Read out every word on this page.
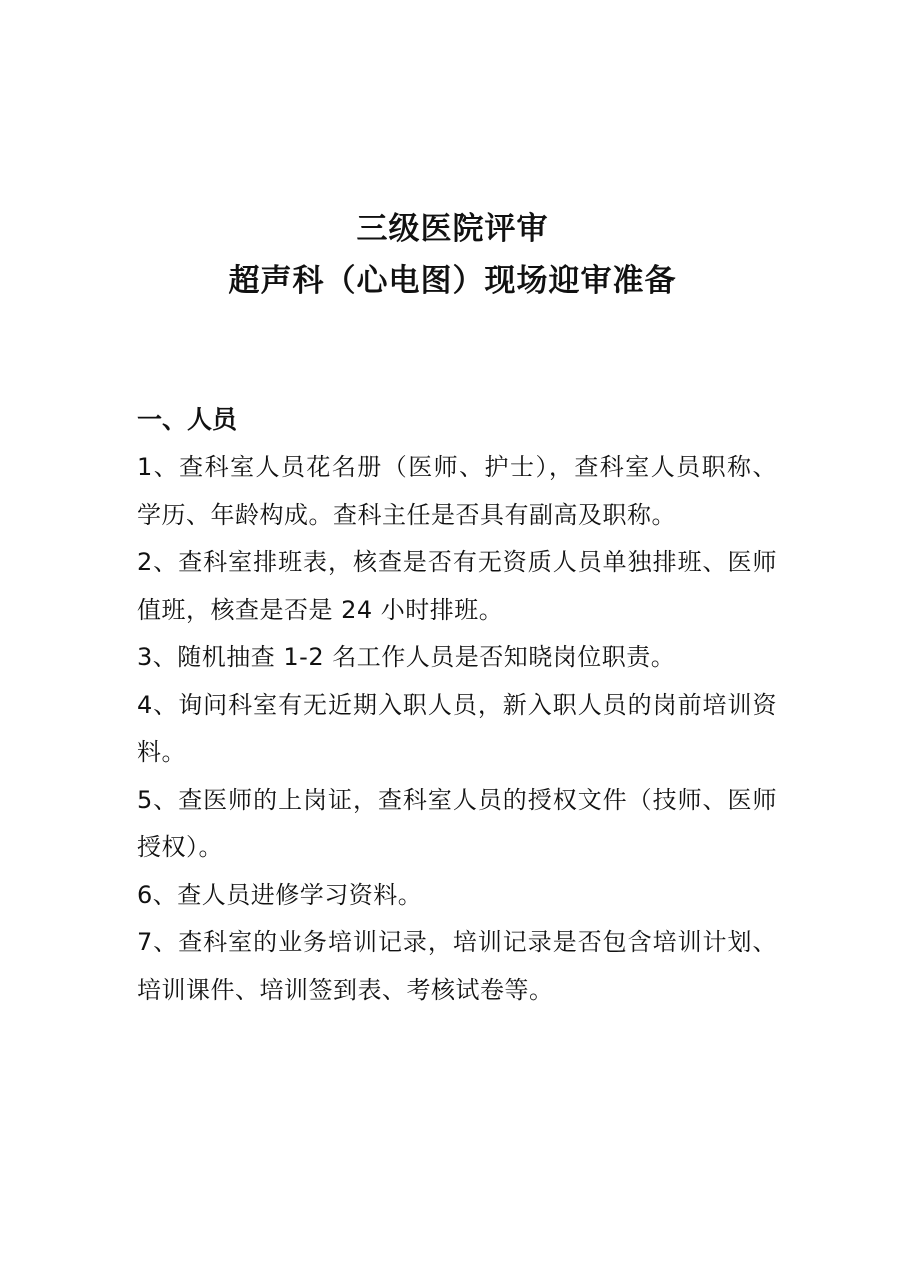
三级医院评审

超声科（心电图）现场迎审准备

一、人员

1、查科室人员花名册（医师、护士），查科室人员职称、学历、年龄构成。查科主任是否具有副高及职称。

2、查科室排班表，核查是否有无资质人员单独排班、医师值班，核查是否是 24 小时排班。

3、随机抽查 1-2 名工作人员是否知晓岗位职责。

4、询问科室有无近期入职人员，新入职人员的岗前培训资料。

5、查医师的上岗证，查科室人员的授权文件（技师、医师授权）。

6、查人员进修学习资料。

7、查科室的业务培训记录，培训记录是否包含培训计划、培训课件、培训签到表、考核试卷等。
